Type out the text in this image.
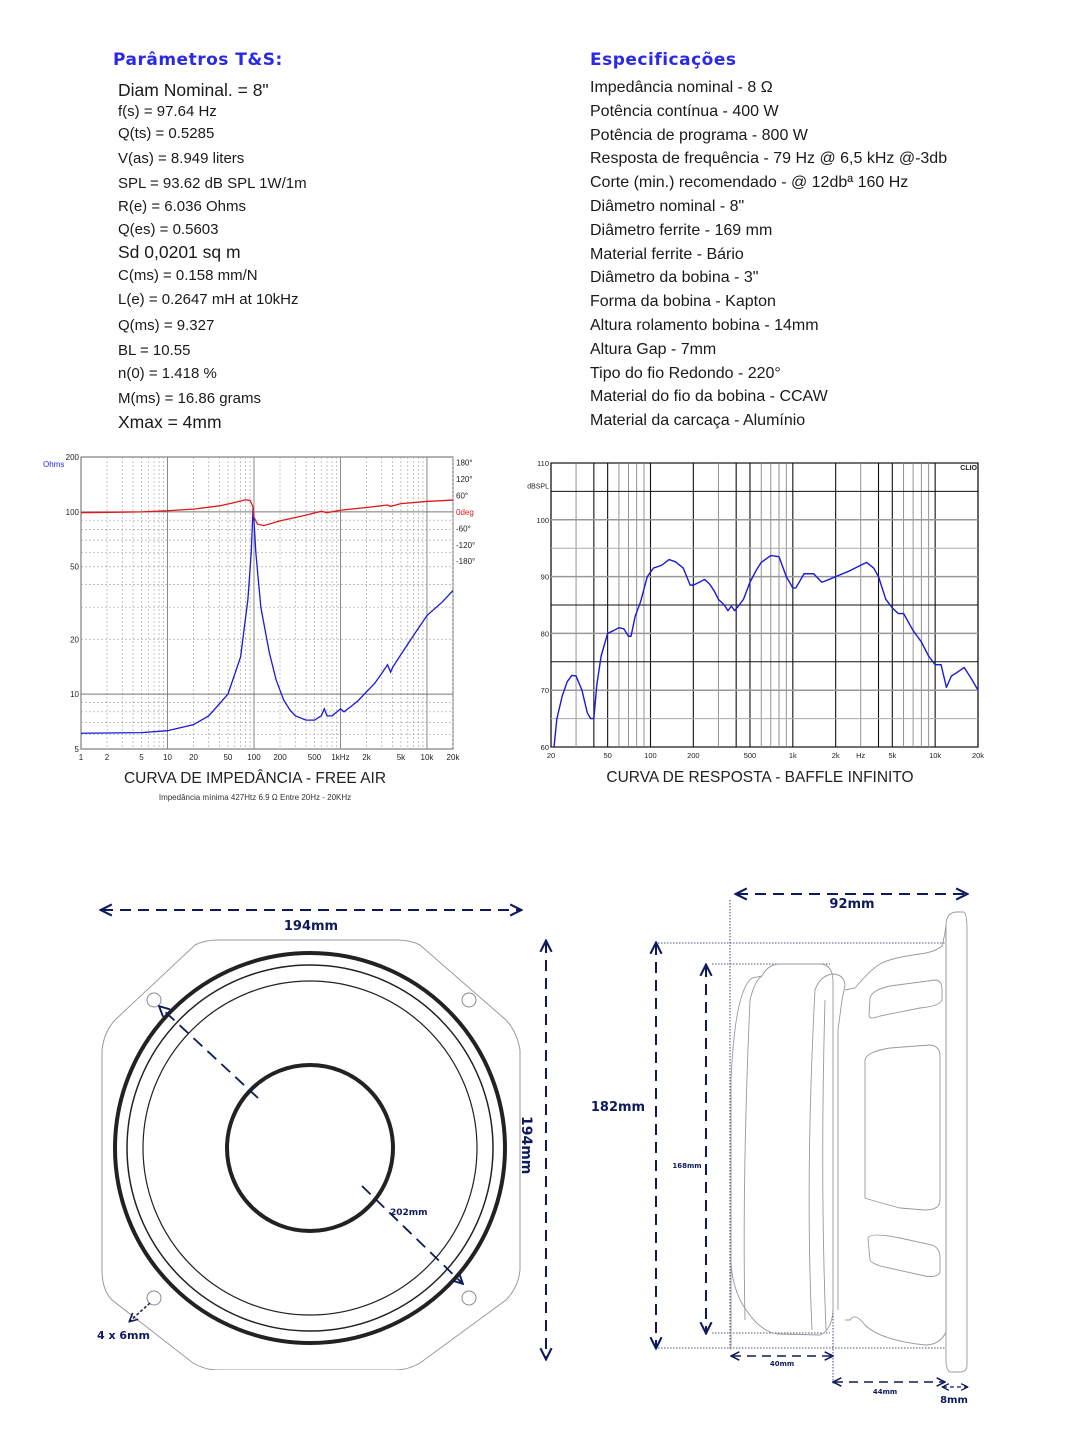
Parâmetros T&S:
Diam Nominal. = 8"
f(s) = 97.64 Hz
Q(ts) = 0.5285
V(as) = 8.949 liters
SPL = 93.62 dB SPL 1W/1m
R(e) = 6.036 Ohms
Q(es) = 0.5603
Sd 0,0201 sq m
C(ms) = 0.158 mm/N
L(e) = 0.2647 mH at 10kHz
Q(ms) = 9.327
BL = 10.55
n(0) = 1.418 %
M(ms) = 16.86 grams
Xmax = 4mm
Especificações
Impedância nominal - 8 Ω
Potência contínua - 400 W
Potência de programa - 800 W
Resposta de frequência - 79 Hz @ 6,5 kHz @-3db
Corte (min.) recomendado - @ 12dbª 160 Hz
Diâmetro nominal - 8"
Diâmetro ferrite - 169 mm
Material ferrite - Bário
Diâmetro da bobina - 3"
Forma da bobina - Kapton
Altura rolamento bobina - 14mm
Altura Gap - 7mm
Tipo do fio Redondo - 220°
Material do fio da bobina - CCAW
Material da carcaça - Alumínio
1	2	5 10 20	50 100 200	500 1kHz 2k	5k 10k 20k
5
10
20
50
100
200
Ohms	180°
120°
60°
0deg
-60°
-120°
-180°
CURVA DE IMPEDÂNCIA - FREE AIR
Impedância mínima 427Htz 6.9 Ω Entre 20Hz - 20KHz
20	50	100	200	500	1k	2k Hz	5k	10k	20k
60
70
80
90
100
110
dBSPL
CLIO
CURVA DE RESPOSTA - BAFFLE INFINITO
194mm
202mm
4 x 6mm
194mm
92mm
182mm
168mm
40mm
44mm
8mm
